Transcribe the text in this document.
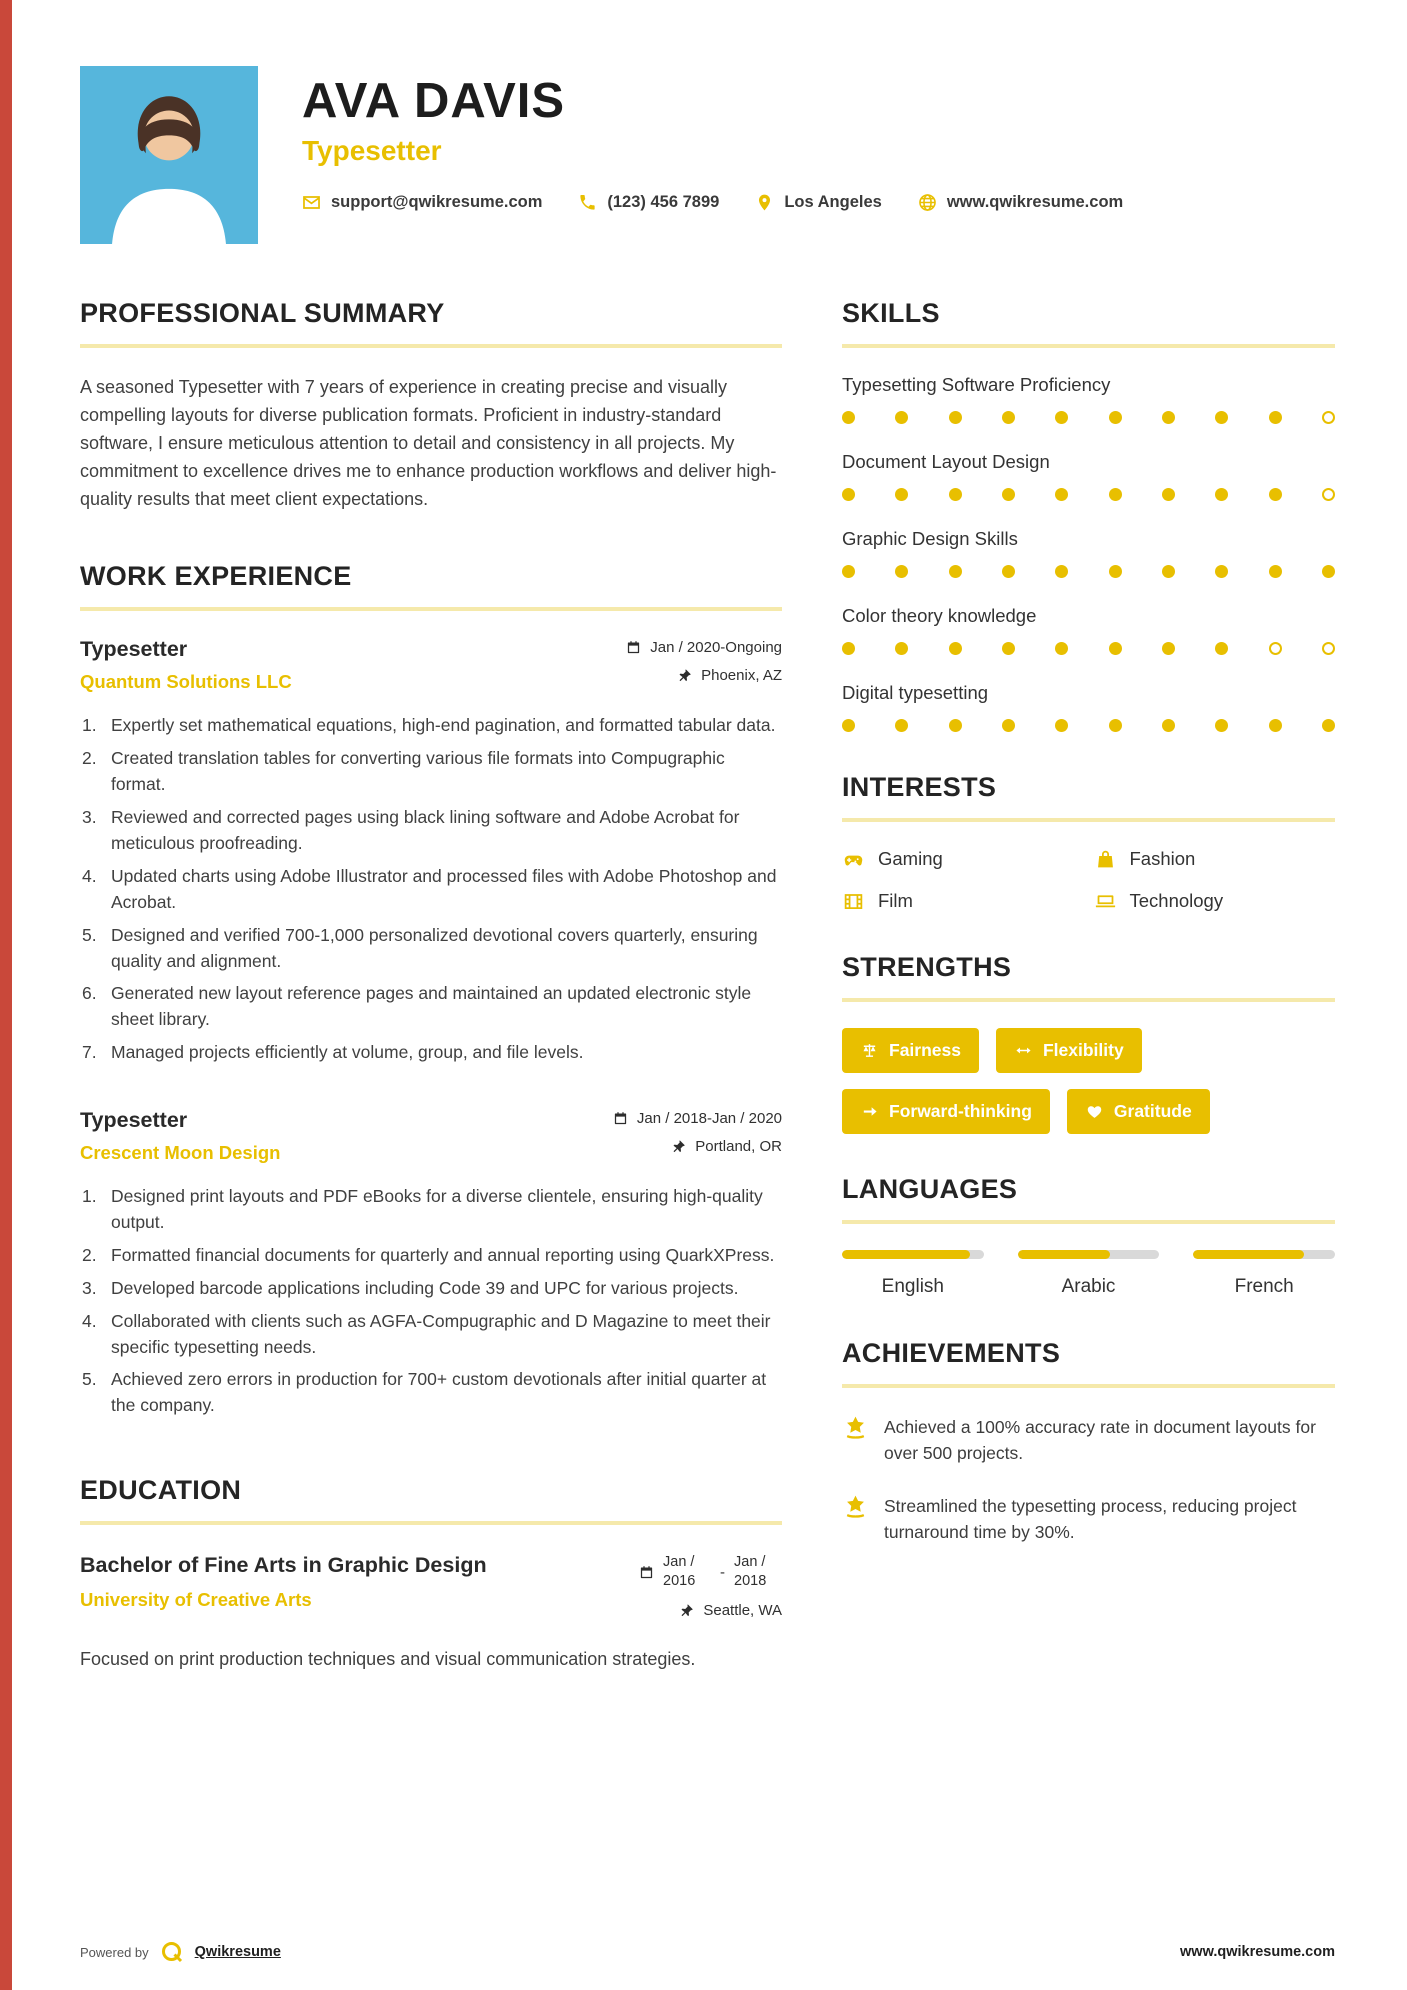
AVA DAVIS
Typesetter
support@qwikresume.com	(123) 456 7899	Los Angeles	www.qwikresume.com
PROFESSIONAL SUMMARY

A seasoned Typesetter with 7 years of experience in creating precise and visually compelling layouts for diverse publication formats. Proficient in industry-standard software, I ensure meticulous attention to detail and consistency in all projects. My commitment to excellence drives me to enhance production workflows and deliver high-quality results that meet client expectations.

WORK EXPERIENCE
Typesetter
Quantum Solutions LLC
Jan / 2020-Ongoing
Phoenix, AZ
Expertly set mathematical equations, high-end pagination, and formatted tabular data.
Created translation tables for converting various file formats into Compugraphic format.
Reviewed and corrected pages using black lining software and Adobe Acrobat for meticulous proofreading.
Updated charts using Adobe Illustrator and processed files with Adobe Photoshop and Acrobat.
Designed and verified 700-1,000 personalized devotional covers quarterly, ensuring quality and alignment.
Generated new layout reference pages and maintained an updated electronic style sheet library.
Managed projects efficiently at volume, group, and file levels.
Typesetter
Crescent Moon Design
Jan / 2018-Jan / 2020
Portland, OR
Designed print layouts and PDF eBooks for a diverse clientele, ensuring high-quality output.
Formatted financial documents for quarterly and annual reporting using QuarkXPress.
Developed barcode applications including Code 39 and UPC for various projects.
Collaborated with clients such as AGFA-Compugraphic and D Magazine to meet their specific typesetting needs.
Achieved zero errors in production for 700+ custom devotionals after initial quarter at the company.
EDUCATION
Bachelor of Fine Arts in Graphic Design
University of Creative Arts
Jan / 2016
-
Jan / 2018
Seattle, WA

Focused on print production techniques and visual communication strategies.

SKILLS
Typesetting Software Proficiency
Document Layout Design
Graphic Design Skills
Color theory knowledge
Digital typesetting
INTERESTS
Gaming	Fashion
Film	Technology
STRENGTHS
Fairness	Flexibility
Forward-thinking	Gratitude
LANGUAGES
English	Arabic	French
ACHIEVEMENTS

Achieved a 100% accuracy rate in document layouts for over 500 projects.

Streamlined the typesetting process, reducing project turnaround time by 30%.

Powered by	Qwikresume	www.qwikresume.com
